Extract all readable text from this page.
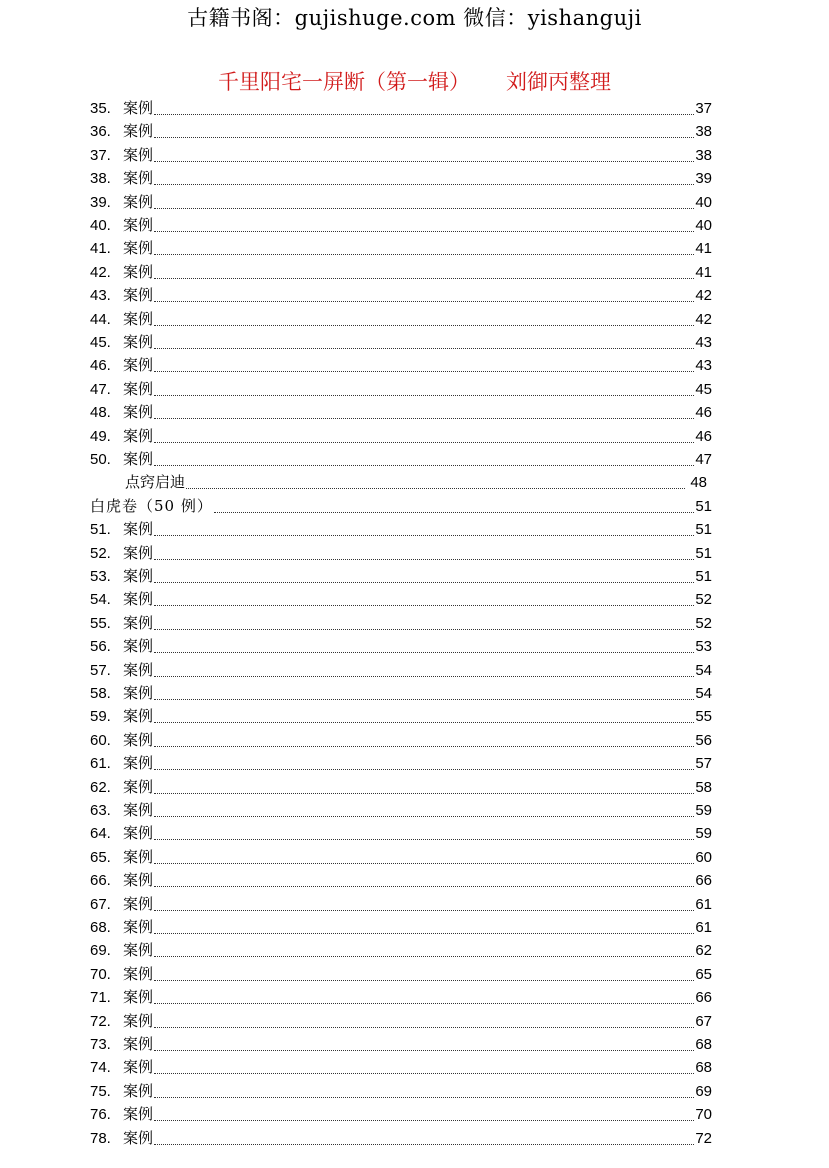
古籍书阁：gujishuge.com 微信：yishanguji
千里阳宅一屏断（第一辑） 刘御丙整理
35. 案例	37
36. 案例	38
37. 案例	38
38. 案例	39
39. 案例	40
40. 案例	40
41. 案例	41
42. 案例	41
43. 案例	42
44. 案例	42
45. 案例	43
46. 案例	43
47. 案例	45
48. 案例	46
49. 案例	46
50. 案例	47
点窍启迪	48
白虎卷（50 例）	51
51. 案例	51
52. 案例	51
53. 案例	51
54. 案例	52
55. 案例	52
56. 案例	53
57. 案例	54
58. 案例	54
59. 案例	55
60. 案例	56
61. 案例	57
62. 案例	58
63. 案例	59
64. 案例	59
65. 案例	60
66. 案例	66
67. 案例	61
68. 案例	61
69. 案例	62
70. 案例	65
71. 案例	66
72. 案例	67
73. 案例	68
74. 案例	68
75. 案例	69
76. 案例	70
78. 案例	72
